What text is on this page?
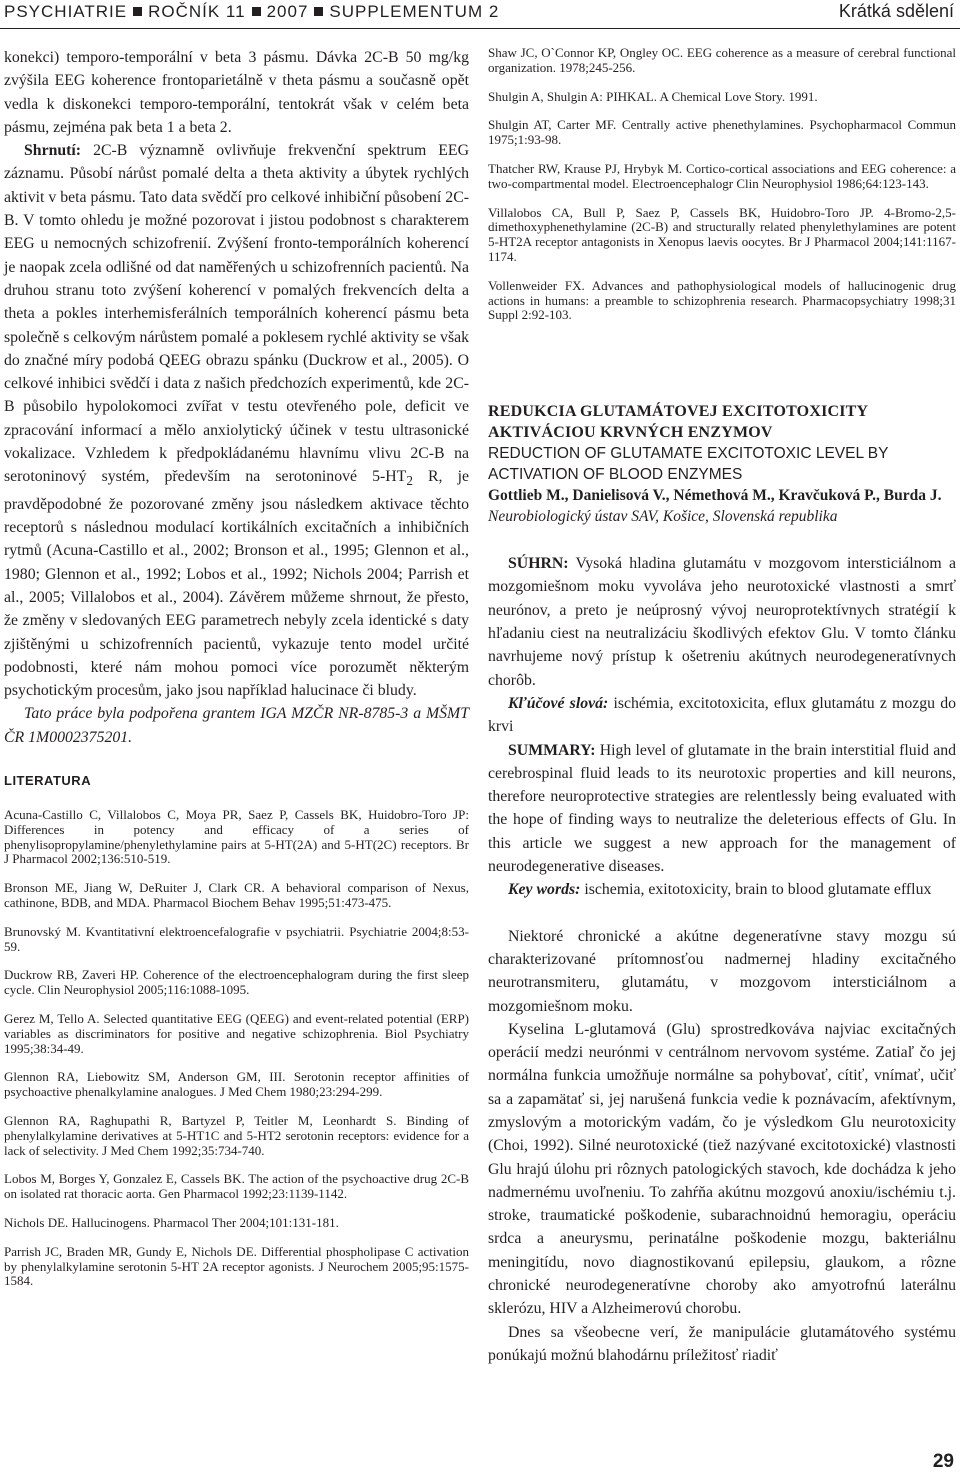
PSYCHIATRIE ROČNÍK 11 2007 SUPPLEMENTUM 2	Krátká sdělení

konekci) temporo-temporální v beta 3 pásmu. Dávka 2C-B 50 mg/kg zvýšila EEG koherence frontoparietálně v theta pásmu a současně opět vedla k diskonekci temporo-temporální, tentokrát však v celém beta pásmu, zejména pak beta 1 a beta 2.

Shrnutí: 2C-B významně ovlivňuje frekvenční spektrum EEG záznamu. Působí nárůst pomalé delta a theta aktivity a úbytek rychlých aktivit v beta pásmu. Tato data svědčí pro celkové inhibiční působení 2C-B. V tomto ohledu je možné pozorovat i jistou podobnost s charakterem EEG u nemocných schizofrenií. Zvýšení fronto-temporálních koherencí je naopak zcela odlišné od dat naměřených u schizofrenních pacientů. Na druhou stranu toto zvýšení koherencí v pomalých frekvencích delta a theta a pokles interhemisferálních temporálních koherencí pásmu beta společně s celkovým nárůstem pomalé a poklesem rychlé aktivity se však do značné míry podobá QEEG obrazu spánku (Duckrow et al., 2005). O celkové inhibici svědčí i data z našich předchozích experimentů, kde 2C-B působilo hypolokomoci zvířat v testu otevřeného pole, deficit ve zpracování informací a mělo anxiolytický účinek v testu ultrasonické vokalizace. Vzhledem k předpokládanému hlavnímu vlivu 2C-B na serotoninový systém, především na serotoninové $5-HT_2$ R, je pravděpodobné že pozorované změny jsou následkem aktivace těchto receptorů s následnou modulací kortikálních excitačních a inhibičních rytmů (Acuna-Castillo et al., 2002; Bronson et al., 1995; Glennon et al., 1980; Glennon et al., 1992; Lobos et al., 1992; Nichols 2004; Parrish et al., 2005; Villalobos et al., 2004). Závěrem můžeme shrnout, že přesto, že změny v sledovaných EEG parametrech nebyly zcela identické s daty zjištěnými u schizofrenních pacientů, vykazuje tento model určité podobnosti, které nám mohou pomoci více porozumět některým psychotickým procesům, jako jsou například halucinace či bludy.

Tato práce byla podpořena grantem IGA MZČR NR-8785-3 a MŠMT ČR 1M0002375201.

LITERATURA

Acuna-Castillo C, Villalobos C, Moya PR, Saez P, Cassels BK, Huidobro-Toro JP: Differences in potency and efficacy of a series of phenylisopropylamine/phenylethylamine pairs at 5-HT(2A) and 5-HT(2C) receptors. Br J Pharmacol 2002;136:510-519.

Bronson ME, Jiang W, DeRuiter J, Clark CR. A behavioral comparison of Nexus, cathinone, BDB, and MDA. Pharmacol Biochem Behav 1995;51:473-475.

Brunovský M. Kvantitativní elektroencefalografie v psychiatrii. Psychiatrie 2004;8:53-59.

Duckrow RB, Zaveri HP. Coherence of the electroencephalogram during the first sleep cycle. Clin Neurophysiol 2005;116:1088-1095.

Gerez M, Tello A. Selected quantitative EEG (QEEG) and event-related potential (ERP) variables as discriminators for positive and negative schizophrenia. Biol Psychiatry 1995;38:34-49.

Glennon RA, Liebowitz SM, Anderson GM, III. Serotonin receptor affinities of psychoactive phenalkylamine analogues. J Med Chem 1980;23:294-299.

Glennon RA, Raghupathi R, Bartyzel P, Teitler M, Leonhardt S. Binding of phenylalkylamine derivatives at 5-HT1C and 5-HT2 serotonin receptors: evidence for a lack of selectivity. J Med Chem 1992;35:734-740.

Lobos M, Borges Y, Gonzalez E, Cassels BK. The action of the psychoactive drug 2C-B on isolated rat thoracic aorta. Gen Pharmacol 1992;23:1139-1142.

Nichols DE. Hallucinogens. Pharmacol Ther 2004;101:131-181.

Parrish JC, Braden MR, Gundy E, Nichols DE. Differential phospholipase C activation by phenylalkylamine serotonin 5-HT 2A receptor agonists. J Neurochem 2005;95:1575-1584.

Shaw JC, O`Connor KP, Ongley OC. EEG coherence as a measure of cerebral functional organization. 1978;245-256.

Shulgin A, Shulgin A: PIHKAL. A Chemical Love Story. 1991.

Shulgin AT, Carter MF. Centrally active phenethylamines. Psychopharmacol Commun 1975;1:93-98.

Thatcher RW, Krause PJ, Hrybyk M. Cortico-cortical associations and EEG coherence: a two-compartmental model. Electroencephalogr Clin Neurophysiol 1986;64:123-143.

Villalobos CA, Bull P, Saez P, Cassels BK, Huidobro-Toro JP. 4-Bromo-2,5-dimethoxyphenethylamine (2C-B) and structurally related phenylethylamines are potent 5-HT2A receptor antagonists in Xenopus laevis oocytes. Br J Pharmacol 2004;141:1167-1174.

Vollenweider FX. Advances and pathophysiological models of hallucinogenic drug actions in humans: a preamble to schizophrenia research. Pharmacopsychiatry 1998;31 Suppl 2:92-103.

REDUKCIA GLUTAMÁTOVEJ EXCITOTOXICITY AKTIVÁCIOU KRVNÝCH ENZYMOV

REDUCTION OF GLUTAMATE EXCITOTOXIC LEVEL BY ACTIVATION OF BLOOD ENZYMES

Gottlieb M., Danielisová V., Némethová M., Kravčuková P., Burda J.

Neurobiologický ústav SAV, Košice, Slovenská republika

SÚHRN: Vysoká hladina glutamátu v mozgovom intersticiálnom a mozgomiešnom moku vyvoláva jeho neurotoxické vlastnosti a smrť neurónov, a preto je neúprosný vývoj neuroprotektívnych stratégií k hľadaniu ciest na neutralizáciu škodlivých efektov Glu. V tomto článku navrhujeme nový prístup k ošetreniu akútnych neurodegeneratívnych chorôb.

Kľúčové slová: ischémia, excitotoxicita, eflux glutamátu z mozgu do krvi

SUMMARY: High level of glutamate in the brain interstitial fluid and cerebrospinal fluid leads to its neurotoxic properties and kill neurons, therefore neuroprotective strategies are relentlessly being evaluated with the hope of finding ways to neutralize the deleterious effects of Glu. In this article we suggest a new approach for the management of neurodegenerative diseases.

Key words: ischemia, exitotoxicity, brain to blood glutamate efflux

Niektoré chronické a akútne degeneratívne stavy mozgu sú charakterizované prítomnosťou nadmernej hladiny excitačného neurotransmiteru, glutamátu, v mozgovom intersticiálnom a mozgomiešnom moku.

Kyselina L-glutamová (Glu) sprostredkováva najviac excitačných operácií medzi neurónmi v centrálnom nervovom systéme. Zatiaľ čo jej normálna funkcia umožňuje normálne sa pohybovať, cítiť, vnímať, učiť sa a zapamätať si, jej narušená funkcia vedie k poznávacím, afektívnym, zmyslovým a motorickým vadám, čo je výsledkom Glu neurotoxicity (Choi, 1992). Silné neurotoxické (tiež nazývané excitotoxické) vlastnosti Glu hrajú úlohu pri rôznych patologických stavoch, kde dochádza k jeho nadmernému uvoľneniu. To zahŕňa akútnu mozgovú anoxiu/ischémiu t.j. stroke, traumatické poškodenie, subarachnoidnú hemoragiu, operáciu srdca a aneurysmu, perinatálne poškodenie mozgu, bakteriálnu meningitídu, novo diagnostikovanú epilepsiu, glaukom, a rôzne chronické neurodegeneratívne choroby ako amyotrofnú laterálnu sklerózu, HIV a Alzheimerovú chorobu.

Dnes sa všeobecne verí, že manipulácie glutamátového systému ponúkajú možnú blahodárnu príležitosť riadiť

29
